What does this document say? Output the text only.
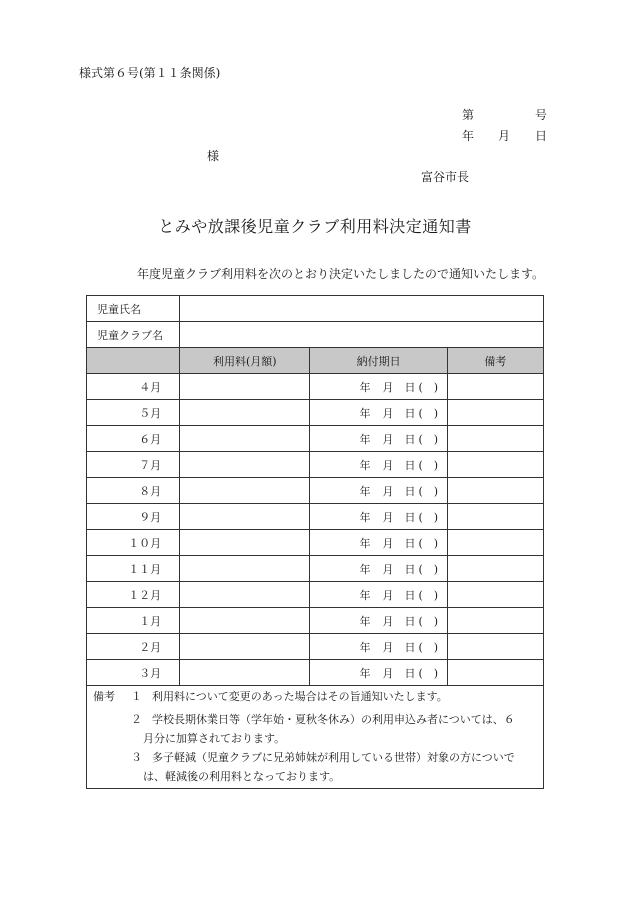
様式第６号(第１１条関係)
第	号
年 月 日
様
富谷市長
とみや放課後児童クラブ利用料決定通知書
年度児童クラブ利用料を次のとおり決定いたしましたので通知いたします。
児童氏名			
児童クラブ名			
	利用料(月額)	納付期日	備考
４月		年 月 日 (　)	
５月		年 月 日 (　)	
６月		年 月 日 (　)	
７月		年 月 日 (　)	
８月		年 月 日 (　)	
９月		年 月 日 (　)	
１０月		年 月 日 (　)	
１１月		年 月 日 (　)	
１２月		年 月 日 (　)	
１月		年 月 日 (　)	
２月		年 月 日 (　)	
３月		年 月 日 (　)	
備考 １ 利用料について変更のあった場合はその旨通知いたします。
２ 学校長期休業日等（学年始・夏秋冬休み）の利用申込み者については、６
月分に加算されております。
３ 多子軽減（児童クラブに兄弟姉妹が利用している世帯）対象の方についで
は、軽減後の利用料となっております。
